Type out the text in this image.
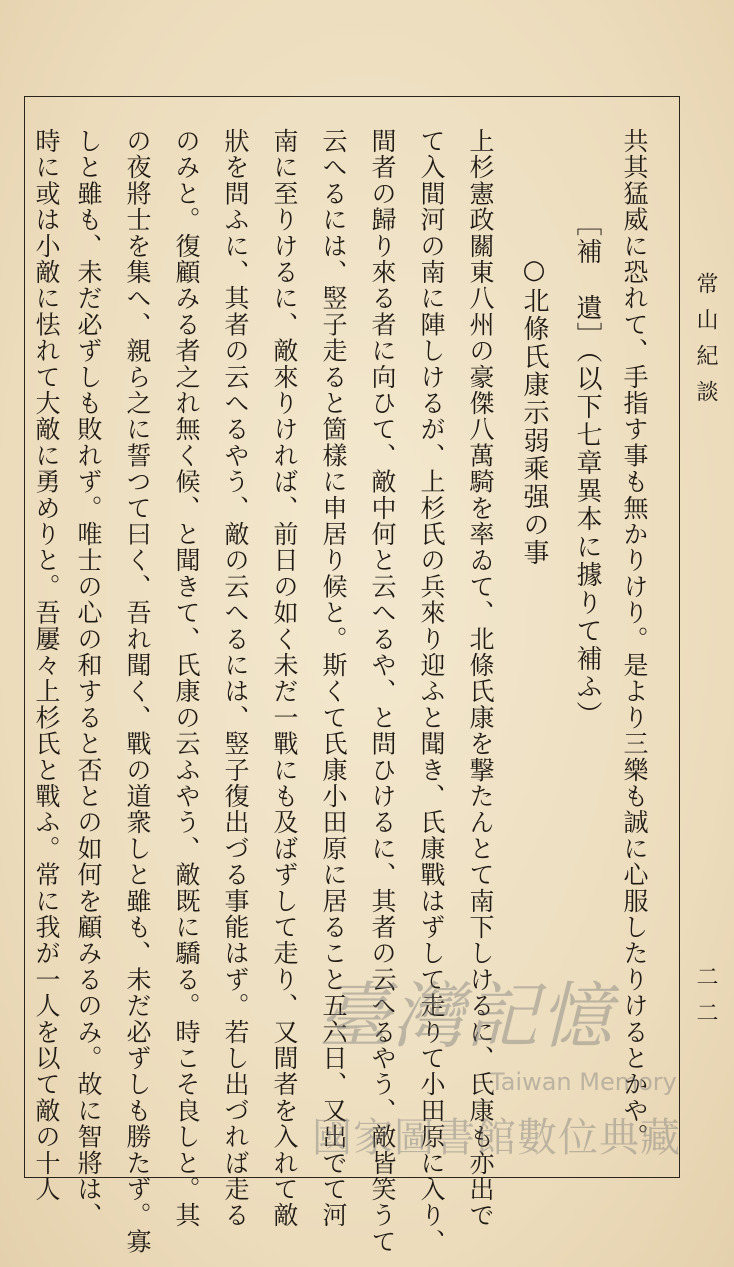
常山紀談
二二
共其猛威に恐れて、手指す事も無かりけり。是より三樂も誠に心服したりけるとかや。
［補　遺］（以下七章異本に據りて補ふ）
○北條氏康示弱乘强の事
上杉憲政關東八州の豪傑八萬騎を率ゐて、北條氏康を撃たんとて南下しけるに、氏康も亦出で
て入間河の南に陣しけるが、上杉氏の兵來り迎ふと聞き、氏康戰はずして走りて小田原に入り、
間者の歸り來る者に向ひて、敵中何と云へるや、と問ひけるに、其者の云へるやう、敵皆笑うて
云へるには、竪子走ると箇樣に申居り候と。斯くて氏康小田原に居ること五六日、又出でて河
南に至りけるに、敵來りければ、前日の如く未だ一戰にも及ばずして走り、又間者を入れて敵
狀を問ふに、其者の云へるやう、敵の云へるには、竪子復出づる事能はず。若し出づれば走る
のみと。復顧みる者之れ無く候、と聞きて、氏康の云ふやう、敵既に驕る。時こそ良しと。其
の夜將士を集へ、親ら之に誓つて曰く、吾れ聞く、戰の道衆しと雖も、未だ必ずしも勝たず。寡
しと雖も、未だ必ずしも敗れず。唯士の心の和すると否との如何を顧みるのみ。故に智將は、
時に或は小敵に怯れて大敵に勇めりと。吾屢々上杉氏と戰ふ。常に我が一人を以て敵の十人	臺灣記憶
Taiwan Memory
國家圖書館數位典藏
